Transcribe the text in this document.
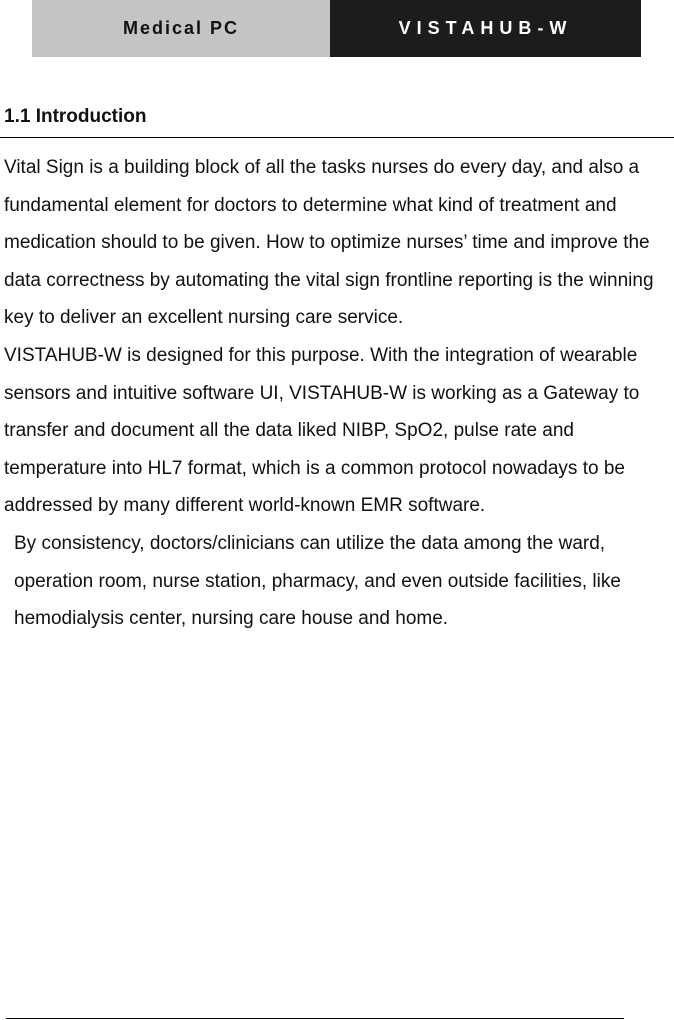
Medical PC	VISTAHUB-W
1.1 Introduction

Vital Sign is a building block of all the tasks nurses do every day, and also a fundamental element for doctors to determine what kind of treatment and medication should to be given. How to optimize nurses’ time and improve the data correctness by automating the vital sign frontline reporting is the winning key to deliver an excellent nursing care service.

VISTAHUB-W is designed for this purpose. With the integration of wearable sensors and intuitive software UI, VISTAHUB-W is working as a Gateway to transfer and document all the data liked NIBP, SpO2, pulse rate and temperature into HL7 format, which is a common protocol nowadays to be addressed by many different world-known EMR software.

By consistency, doctors/clinicians can utilize the data among the ward, operation room, nurse station, pharmacy, and even outside facilities, like hemodialysis center, nursing care house and home.
